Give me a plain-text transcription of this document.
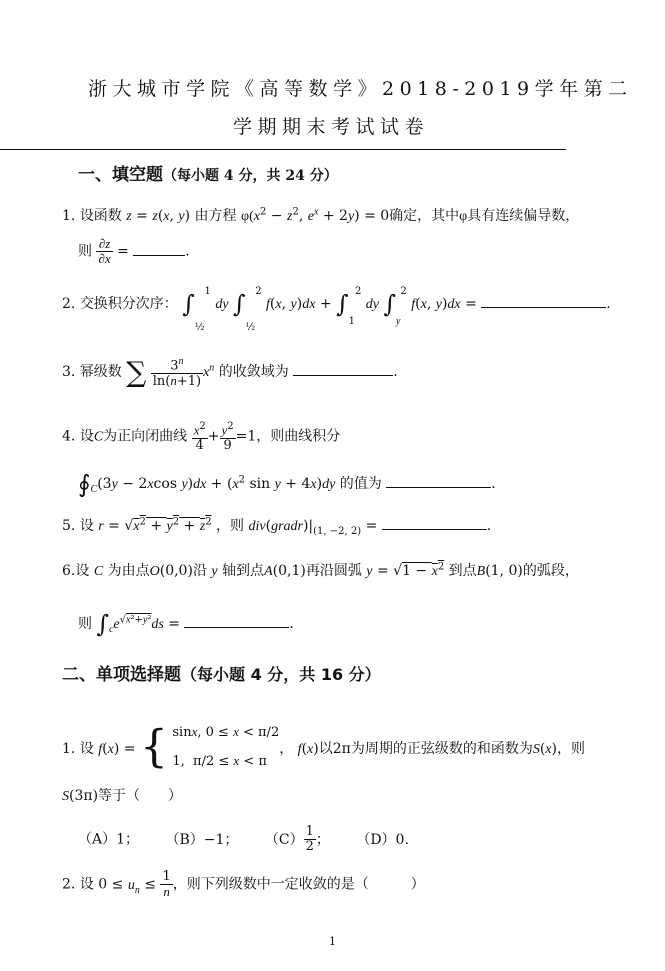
浙大城市学院《高等数学》2018-2019学年第二
学期期末考试试卷
一、填空题（每小题 4 分，共 24 分）
1. 设函数 z = z(x, y) 由方程 $\varphi(x^2 - z^2$, $e^x + 2y) = 0$确定，其中φ具有连续偏导数，
则 $\frac{\partial z}{\partial x}$ =	.
2. 交换积分次序： $\int_{\frac{1}{2}}^1$ dy $\int_{\frac{1}{2}}^2$ f(x, $y)dx + \int_1^2$ dy $\int_y^2$ f(x, y)dx =	.
3. 幂级数 ∑ $\frac{3^n}{\ln(n+1)} x^n$ 的收敛域为	.
4. 设C为正向闭曲线 $\frac{x^2}{4} + \frac{y^2}{9} =1$，则曲线积分
$∮_C(3y - 2xcos$ $y)dx + (x^2$ sin y + 4x)dy 的值为	.
5. 设 $r = √x^2 + y^2 + z^2$ ，则 $div(gradr)|_{(1, -2, 2)}$ =	.
6.设 C 为由点O(0,0)沿 y 轴到点A(0,1)再沿圆弧 $y = √1 - x^2$ 到点B(1, 0)的弧段，
则 $\int_ce^{√x^2+y^2}ds$ =	.
二、单项选择题（每小题 4 分，共 16 分）
1. 设 f(x) = { sinx, 0 ≤ x < π/2
1,  π/2 ≤ x < π
， f(x)以2π为周期的正弦级数的和函数为S(x)，则
S(3π)等于（　　）
（A）1； （B）−1； $(C) \frac{1}{2}$ ； （D）0.
2. 设 $0 \le u_n \le \frac{1}{n}$ ，则下列级数中一定收敛的是（　　　）
1
